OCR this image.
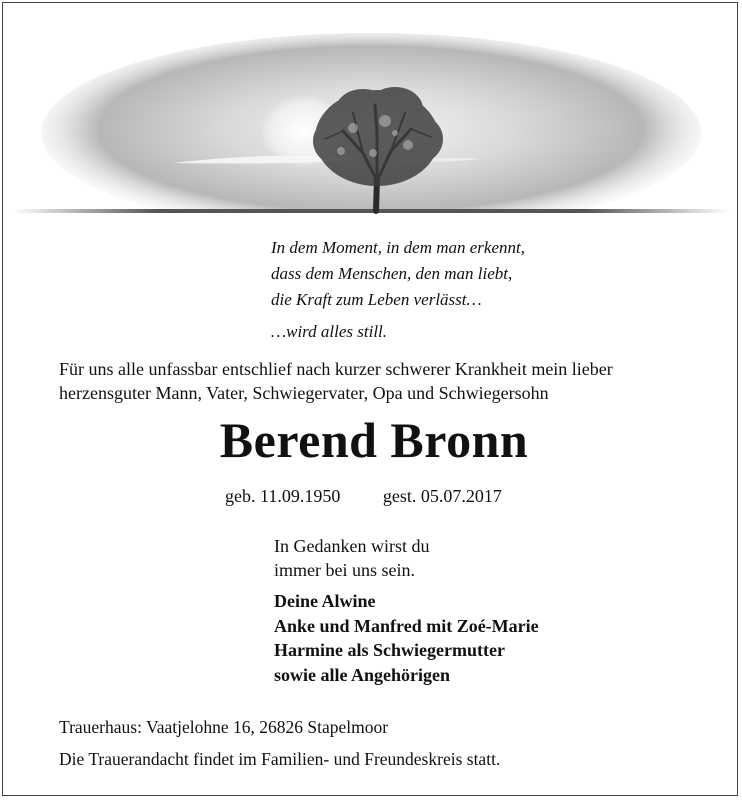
In dem Moment, in dem man erkennt,
dass dem Menschen, den man liebt,
die Kraft zum Leben verlässt…
…wird alles still.
Für uns alle unfassbar entschlief nach kurzer schwerer Krankheit mein lieber
herzensguter Mann, Vater, Schwiegervater, Opa und Schwiegersohn
Berend Bronn
geb. 11.09.1950 gest. 05.07.2017
In Gedanken wirst du
immer bei uns sein.
Deine Alwine
Anke und Manfred mit Zoé-Marie
Harmine als Schwiegermutter
sowie alle Angehörigen
Trauerhaus: Vaatjelohne 16, 26826 Stapelmoor
Die Trauerandacht findet im Familien- und Freundeskreis statt.
